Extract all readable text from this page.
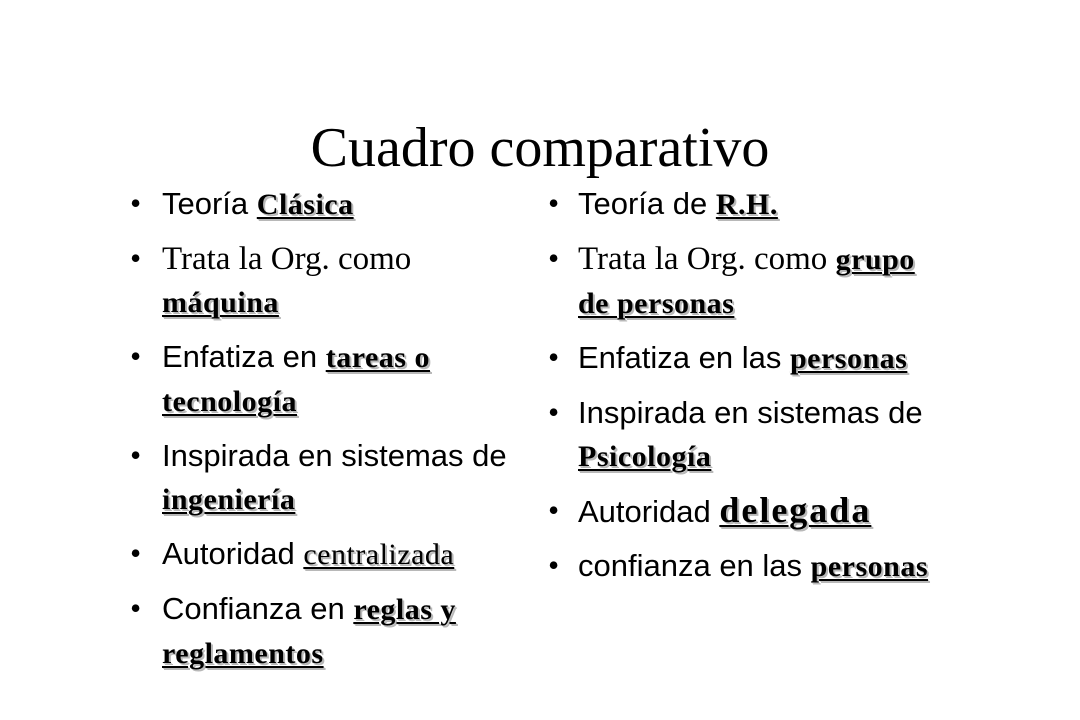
Cuadro comparativo
• Teoría Clásica
• Trata la Org. como máquina
• Enfatiza en tareas o tecnología
• Inspirada en sistemas de ingeniería
• Autoridad centralizada
• Confianza en reglas y reglamentos
• Teoría de R.H.
• Trata la Org. como grupo de personas
• Enfatiza en las personas
• Inspirada en sistemas de Psicología
• Autoridad delegada
• confianza en las personas
